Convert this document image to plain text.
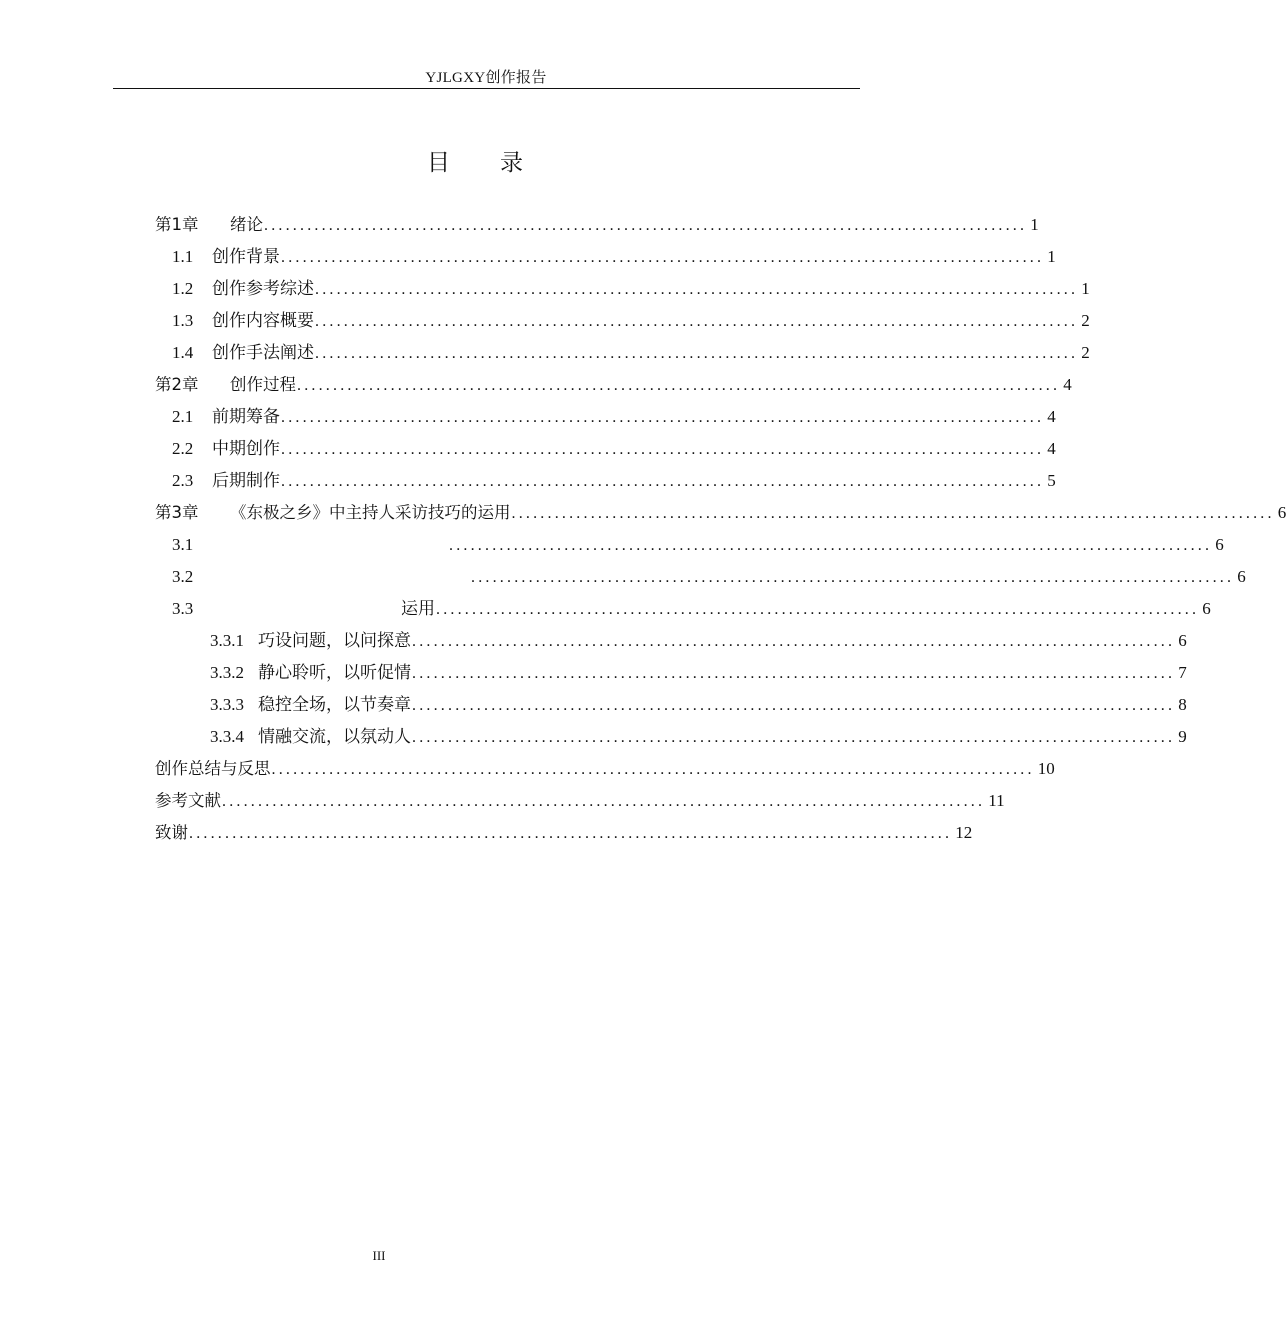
YJLGXY创作报告
目 录
第1章	绪论 .......................................................................................................... 1
1.1	创作背景 .......................................................................................................... 1
1.2	创作参考综述 .......................................................................................................... 1
1.3	创作内容概要 .......................................................................................................... 2
1.4	创作手法阐述 .......................................................................................................... 2
第2章	创作过程 .......................................................................................................... 4
2.1	前期筹备 .......................................................................................................... 4
2.2	中期创作 .......................................................................................................... 4
2.3	后期制作 .......................................................................................................... 5
第3章	《东极之乡》中主持人采访技巧的运用 .......................................................................................................... 6
3.1	.......................................................................................................... 6
3.2	.......................................................................................................... 6
3.3	运用 .......................................................................................................... 6
3.3.1 巧设问题，以问探意 .......................................................................................................... 6
3.3.2 静心聆听，以听促情 .......................................................................................................... 7
3.3.3 稳控全场，以节奏章 .......................................................................................................... 8
3.3.4 情融交流，以氛动人 .......................................................................................................... 9
创作总结与反思 .......................................................................................................... 10
参考文献 .......................................................................................................... 11
致谢 .......................................................................................................... 12
III
